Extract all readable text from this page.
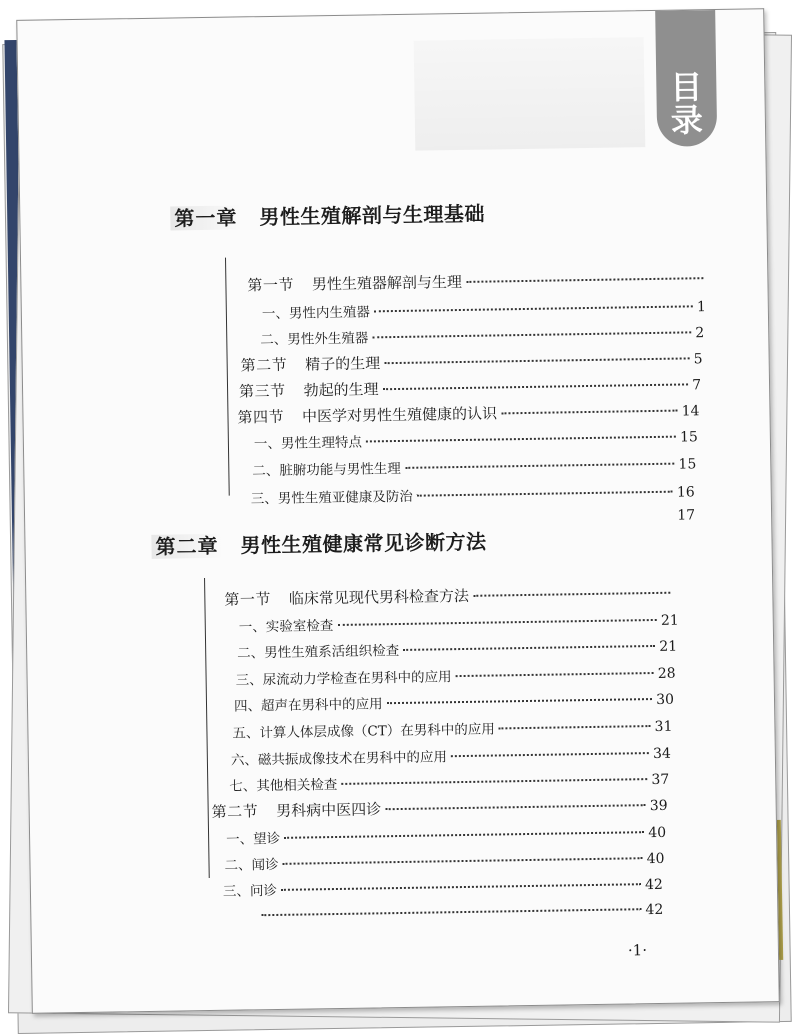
目
录
第一章 男性生殖解剖与生理基础
第一节 男性生殖器解剖与生理
一、男性内生殖器	1
二、男性外生殖器	2
第二节 精子的生理	5
第三节 勃起的生理	7
第四节 中医学对男性生殖健康的认识	14
一、男性生理特点	15
二、脏腑功能与男性生理	15
三、男性生殖亚健康及防治	16
17
第二章 男性生殖健康常见诊断方法
第一节 临床常见现代男科检查方法
一、实验室检查	21
二、男性生殖系活组织检查	21
三、尿流动力学检查在男科中的应用	28
四、超声在男科中的应用	30
五、计算人体层成像（CT）在男科中的应用	31
六、磁共振成像技术在男科中的应用	34
七、其他相关检查	37
第二节 男科病中医四诊	39
一、望诊	40
二、闻诊	40
三、问诊	42
42
·1·
